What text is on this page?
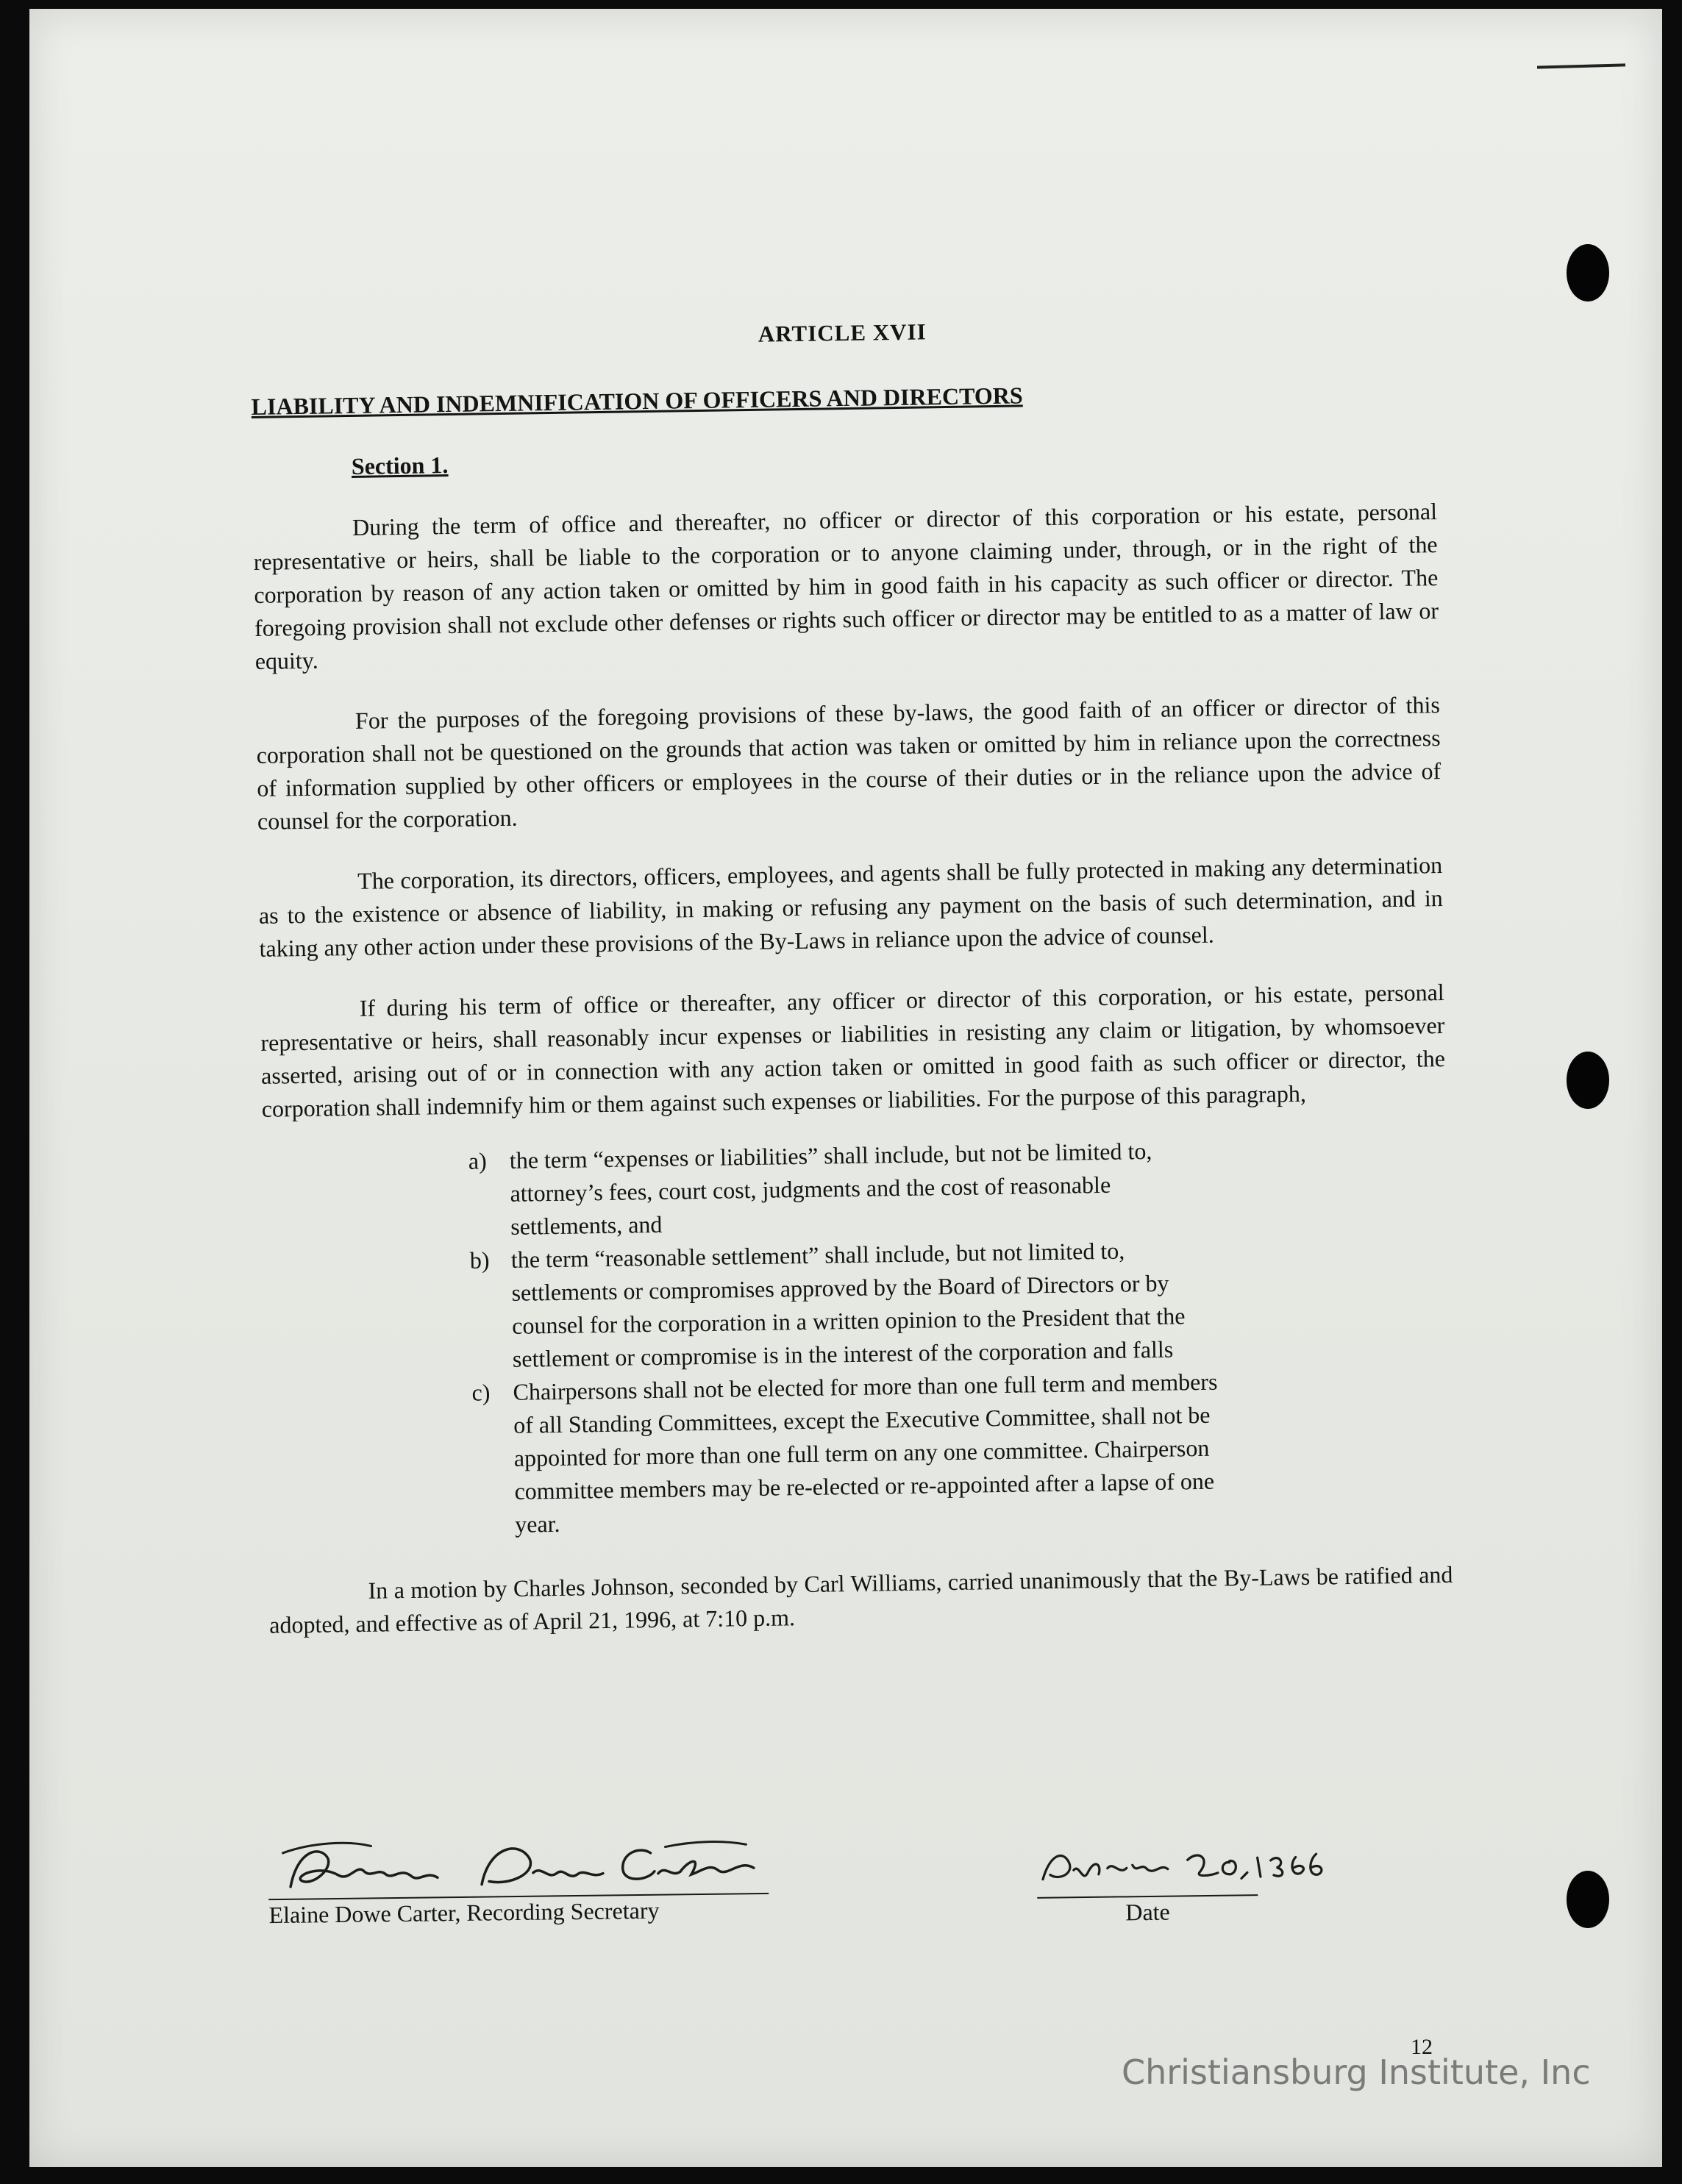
ARTICLE XVII
LIABILITY AND INDEMNIFICATION OF OFFICERS AND DIRECTORS
Section 1.

During the term of office and thereafter, no officer or director of this corporation or his estate, personal representative or heirs, shall be liable to the corporation or to anyone claiming under, through, or in the right of the corporation by reason of any action taken or omitted by him in good faith in his capacity as such officer or director. The foregoing provision shall not exclude other defenses or rights such officer or director may be entitled to as a matter of law or equity.

For the purposes of the foregoing provisions of these by-laws, the good faith of an officer or director of this corporation shall not be questioned on the grounds that action was taken or omitted by him in reliance upon the correctness of information supplied by other officers or employees in the course of their duties or in the reliance upon the advice of counsel for the corporation.

The corporation, its directors, officers, employees, and agents shall be fully protected in making any determination as to the existence or absence of liability, in making or refusing any payment on the basis of such determination, and in taking any other action under these provisions of the By-Laws in reliance upon the advice of counsel.

If during his term of office or thereafter, any officer or director of this corporation, or his estate, personal representative or heirs, shall reasonably incur expenses or liabilities in resisting any claim or litigation, by whomsoever asserted, arising out of or in connection with any action taken or omitted in good faith as such officer or director, the corporation shall indemnify him or them against such expenses or liabilities. For the purpose of this paragraph,

a) the term “expenses or liabilities” shall include, but not be limited to, attorney’s fees, court cost, judgments and the cost of reasonable settlements, and
b) the term “reasonable settlement” shall include, but not limited to, settlements or compromises approved by the Board of Directors or by counsel for the corporation in a written opinion to the President that the settlement or compromise is in the interest of the corporation and falls
c) Chairpersons shall not be elected for more than one full term and members of all Standing Committees, except the Executive Committee, shall not be appointed for more than one full term on any one committee. Chairperson committee members may be re-elected or re-appointed after a lapse of one year.

In a motion by Charles Johnson, seconded by Carl Williams, carried unanimously that the By-Laws be ratified and adopted, and effective as of April 21, 1996, at 7:10 p.m.

Elaine Dowe Carter, Recording Secretary	Date
12
Christiansburg Institute, Inc
